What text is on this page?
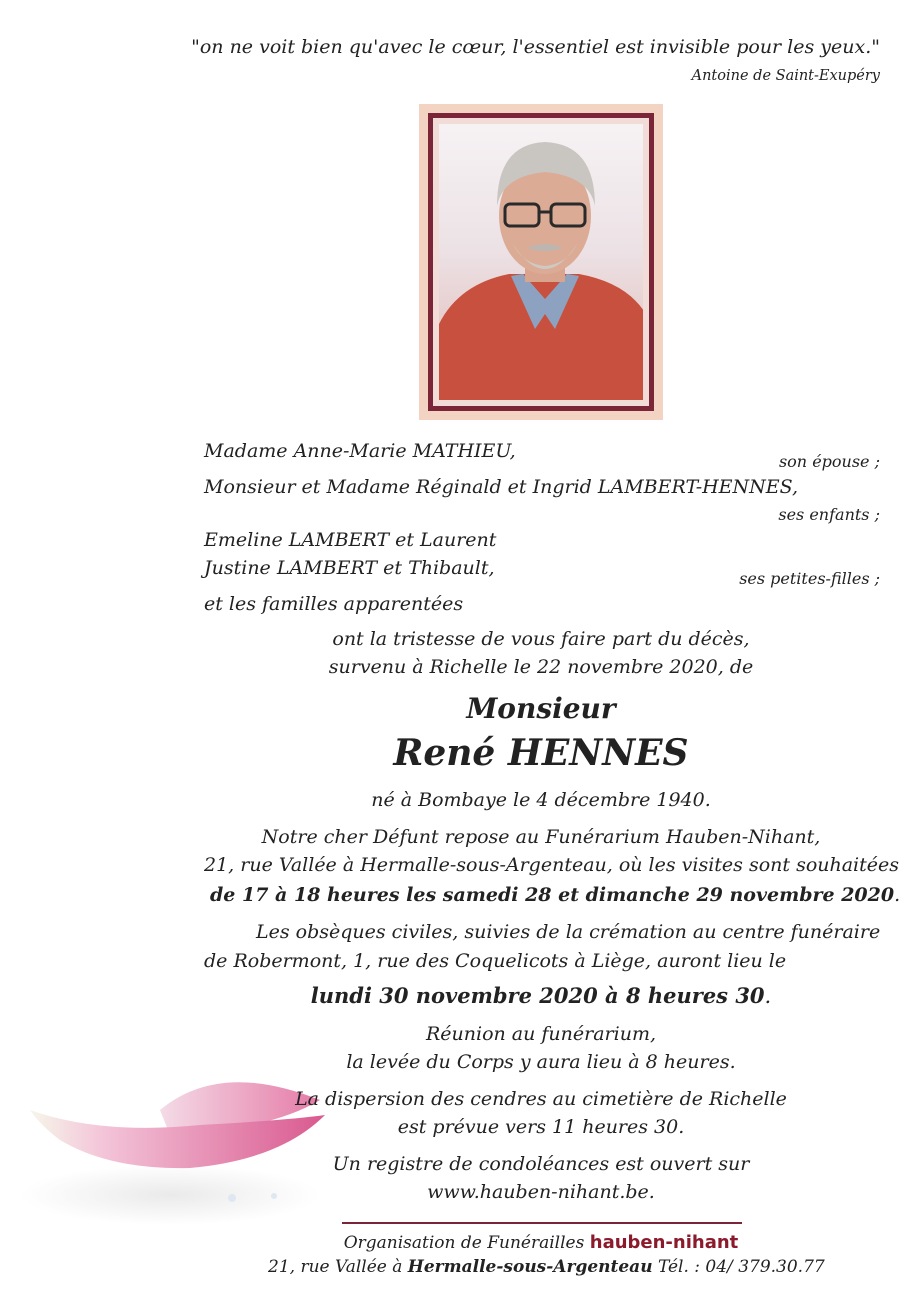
"on ne voit bien qu'avec le cœur, l'essentiel est invisible pour les yeux."
Antoine de Saint-Exupéry
Madame Anne-Marie MATHIEU,	son épouse ;
Monsieur et Madame Réginald et Ingrid LAMBERT-HENNES,
ses enfants ;
Emeline LAMBERT et Laurent
Justine LAMBERT et Thibault,	ses petites-filles ;
et les familles apparentées
ont la tristesse de vous faire part du décès,
survenu à Richelle le 22 novembre 2020, de
Monsieur
René HENNES
né à Bombaye le 4 décembre 1940.
Notre cher Défunt repose au Funérarium Hauben-Nihant,
21, rue Vallée à Hermalle-sous-Argenteau, où les visites sont souhaitées
de 17 à 18 heures les samedi 28 et dimanche 29 novembre 2020.
Les obsèques civiles, suivies de la crémation au centre funéraire
de Robermont, 1, rue des Coquelicots à Liège, auront lieu le
lundi 30 novembre 2020 à 8 heures 30.
Réunion au funérarium,
la levée du Corps y aura lieu à 8 heures.
La dispersion des cendres au cimetière de Richelle
est prévue vers 11 heures 30.
Un registre de condoléances est ouvert sur
www.hauben-nihant.be.
Organisation de Funérailles hauben-nihant
21, rue Vallée à Hermalle-sous-Argenteau Tél. : 04/ 379.30.77
